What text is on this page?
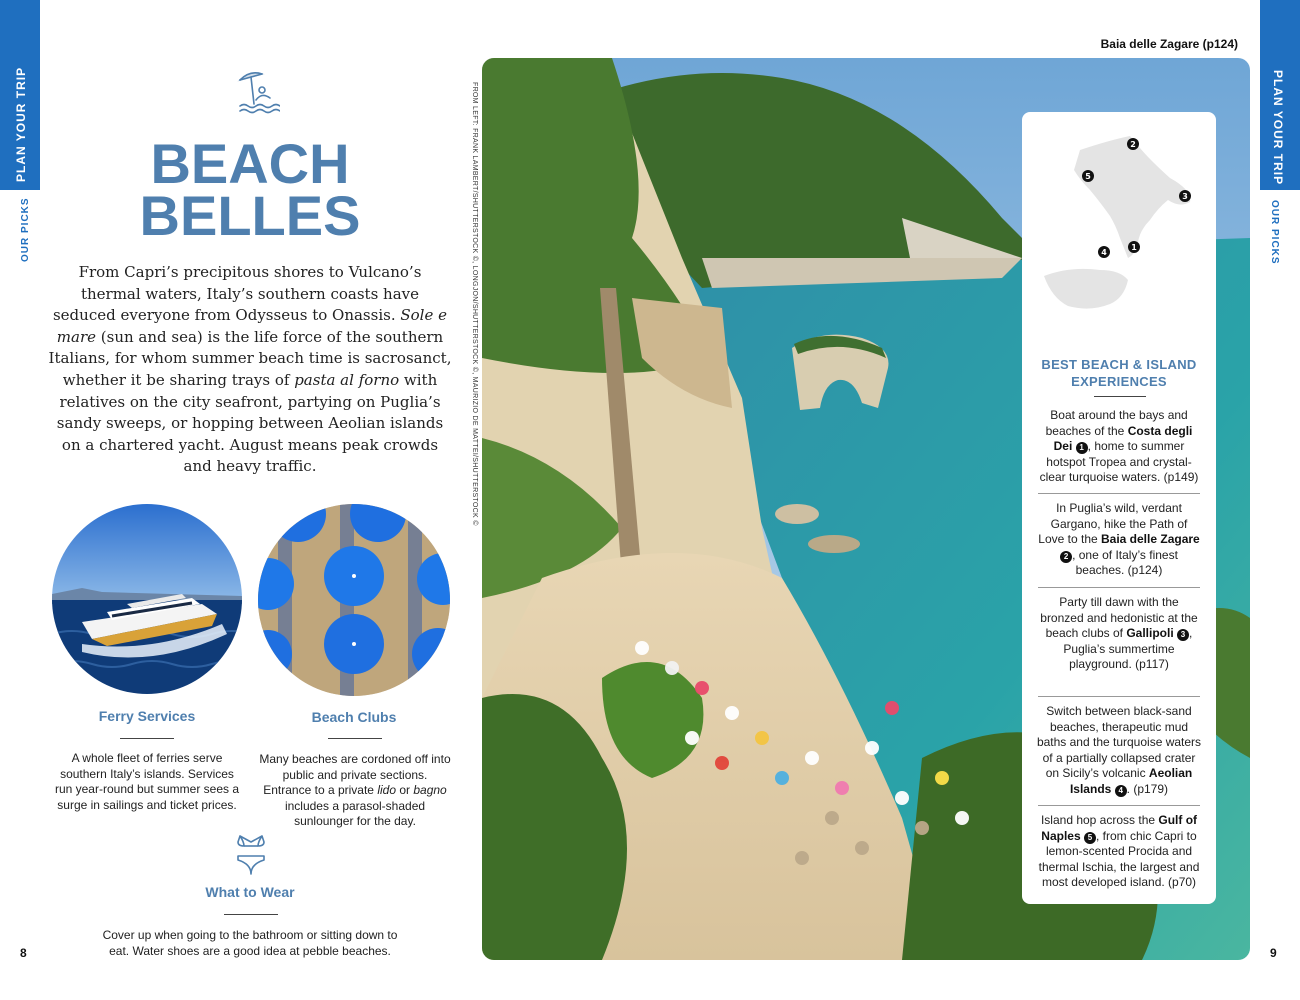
PLAN YOUR TRIP
OUR PICKS
PLAN YOUR TRIP
OUR PICKS
8	9
BEACH
BELLES
From Capri’s precipitous shores to Vulcano’s thermal waters, Italy’s southern coasts have seduced everyone from Odysseus to Onassis. Sole e mare (sun and sea) is the life force of the southern Italians, for whom summer beach time is sacrosanct, whether it be sharing trays of pasta al forno with relatives on the city seafront, partying on Puglia’s sandy sweeps, or hopping between Aeolian islands on a chartered yacht. August means peak crowds and heavy traffic.
Ferry Services
A whole fleet of ferries serve southern Italy’s islands. Services run year-round but summer sees a surge in sailings and ticket prices.
Beach Clubs
Many beaches are cordoned off into public and private sections. Entrance to a private lido or bagno includes a parasol-shaded sunlounger for the day.
What to Wear
Cover up when going to the bathroom or sitting down to eat. Water shoes are a good idea at pebble beaches.
FROM LEFT: FRANK LAMBERT/SHUTTERSTOCK ©, LONGJON/SHUTTERSTOCK ©, MAURIZIO DE MATTEI/SHUTTERSTOCK ©
Baia delle Zagare (p124)
2
5
3
1
4
BEST BEACH & ISLAND EXPERIENCES
Boat around the bays and beaches of the Costa degli Dei 1 , home to summer hotspot Tropea and crystal-clear turquoise waters. (p149)
In Puglia’s wild, verdant Gargano, hike the Path of Love to the Baia delle Zagare 2 , one of Italy’s finest beaches. (p124)
Party till dawn with the bronzed and hedonistic at the beach clubs of Gallipoli 3 , Puglia’s summertime playground. (p117)
Switch between black-sand beaches, therapeutic mud baths and the turquoise waters of a partially collapsed crater on Sicily’s volcanic Aeolian Islands 4 . (p179)
Island hop across the Gulf of Naples 5 , from chic Capri to lemon-scented Procida and thermal Ischia, the largest and most developed island. (p70)
